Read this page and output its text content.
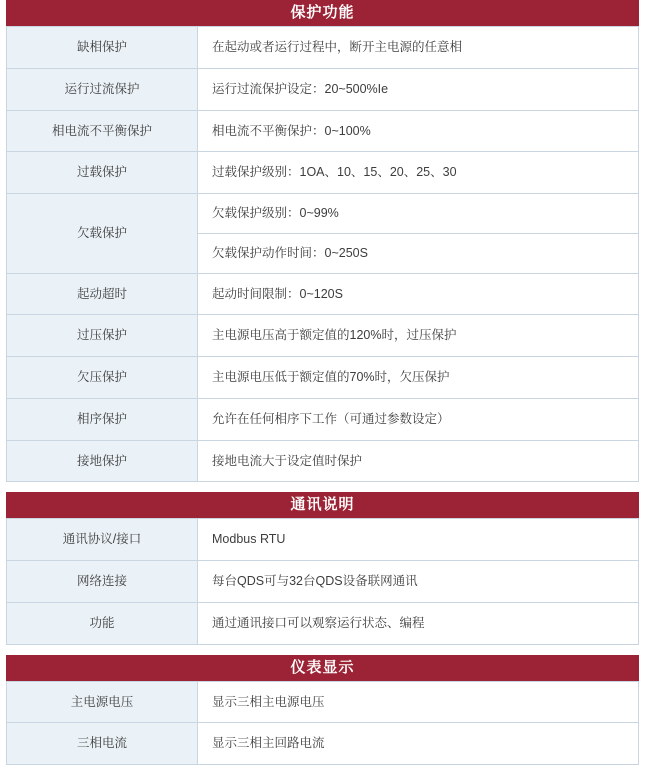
保护功能
缺相保护	在起动或者运行过程中，断开主电源的任意相
运行过流保护	运行过流保护设定：20~500%Ie
相电流不平衡保护	相电流不平衡保护：0~100%
过载保护	过载保护级别：1OA、10、15、20、25、30
欠载保护	欠载保护级别：0~99%
	欠载保护动作时间：0~250S
起动超时	起动时间限制：0~120S
过压保护	主电源电压高于额定值的120%时，过压保护
欠压保护	主电源电压低于额定值的70%时，欠压保护
相序保护	允许在任何相序下工作（可通过参数设定）
接地保护	接地电流大于设定值时保护
通讯说明
通讯协议/接口	Modbus RTU
网络连接	每台QDS可与32台QDS设备联网通讯
功能	通过通讯接口可以观察运行状态、编程
仪表显示
主电源电压	显示三相主电源电压
三相电流	显示三相主回路电流
